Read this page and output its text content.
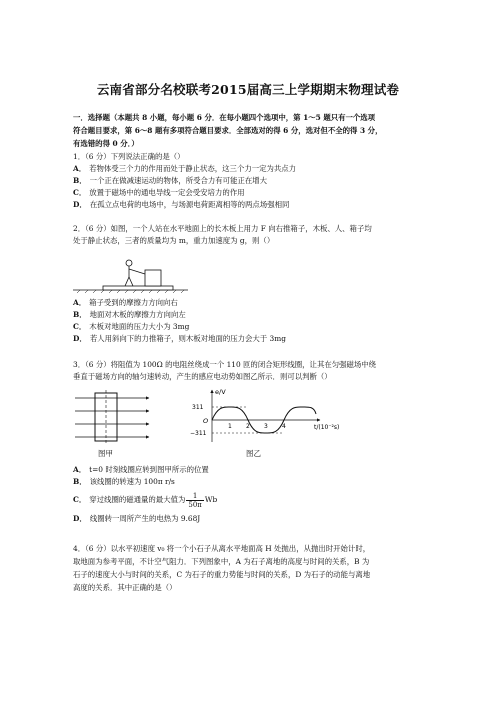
云南省部分名校联考2015届高三上学期期末物理试卷
一．选择题（本题共 8 小题，每小题 6 分．在每小题四个选项中，第 1～5 题只有一个选项
符合题目要求，第 6～8 题有多项符合题目要求．全部选对的得 6 分，选对但不全的得 3 分，
有选错的得 0 分．）
1．（6 分）下列说法正确的是（）
A． 若物体受三个力的作用而处于静止状态，这三个力一定为共点力
B． 一个正在做减速运动的物体，所受合力有可能正在增大
C． 放置于磁场中的通电导线一定会受安培力的作用
D． 在孤立点电荷的电场中，与场源电荷距离相等的两点场强相同
2．（6 分）如图，一个人站在水平地面上的长木板上用力 F 向右推箱子，木板、人、箱子均
处于静止状态，三者的质量均为 m，重力加速度为 g，则（）
A． 箱子受到的摩擦力方向向右
B． 地面对木板的摩擦力方向向左
C． 木板对地面的压力大小为 3mg
D． 若人用斜向下的力推箱子，则木板对地面的压力会大于 3mg
3．（6 分）将阻值为 100Ω 的电阻丝绕成一个 110 匝的闭合矩形线圈，让其在匀强磁场中绕
垂直于磁场方向的轴匀速转动，产生的感应电动势如图乙所示．则可以判断（）
图甲
e/V
311
O
−311
1 2 3 4	t/(10⁻²s)
图乙
A． t=0 时刻线圈应转到图甲所示的位置
B． 该线圈的转速为 100π r/s
C． 穿过线圈的磁通量的最大值为 $\frac{1}{50\pi}$ Wb
D． 线圈转一周所产生的电热为 9.68J
4．（6 分）以水平初速度 v₀ 将一个小石子从离水平地面高 H 处抛出，从抛出时开始计时，
取地面为参考平面，不计空气阻力．下列图象中，A 为石子离地的高度与时间的关系，B 为
石子的速度大小与时间的关系，C 为石子的重力势能与时间的关系，D 为石子的动能与离地
高度的关系．其中正确的是（）
